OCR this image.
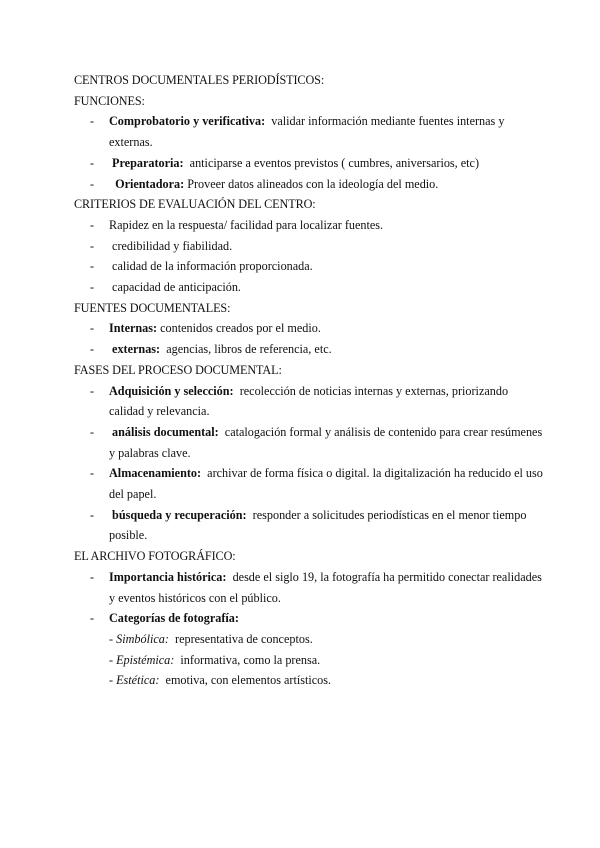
CENTROS DOCUMENTALES PERIODÍSTICOS:

FUNCIONES:

- Comprobatorio y verificativa: validar información mediante fuentes internas y externas.
- Preparatoria: anticiparse a eventos previstos ( cumbres, aniversarios, etc)
-	Orientadora: Proveer datos alineados con la ideología del medio.

CRITERIOS DE EVALUACIÓN DEL CENTRO:

- Rapidez en la respuesta/ facilidad para localizar fuentes.
- credibilidad y fiabilidad.
- calidad de la información proporcionada.
- capacidad de anticipación.

FUENTES DOCUMENTALES:

- Internas: contenidos creados por el medio.
- externas: agencias, libros de referencia, etc.

FASES DEL PROCESO DOCUMENTAL:

- Adquisición y selección: recolección de noticias internas y externas, priorizando calidad y relevancia.
- análisis documental: catalogación formal y análisis de contenido para crear resúmenes y palabras clave.
- Almacenamiento: archivar de forma física o digital. la digitalización ha reducido el uso del papel.
- búsqueda y recuperación: responder a solicitudes periodísticas en el menor tiempo posible.

EL ARCHIVO FOTOGRÁFICO:

- Importancia histórica: desde el siglo 19, la fotografía ha permitido conectar realidades y eventos históricos con el público.
- Categorías de fotografía:
- Simbólica: representativa de conceptos.
- Epistémica: informativa, como la prensa.
- Estética: emotiva, con elementos artísticos.
